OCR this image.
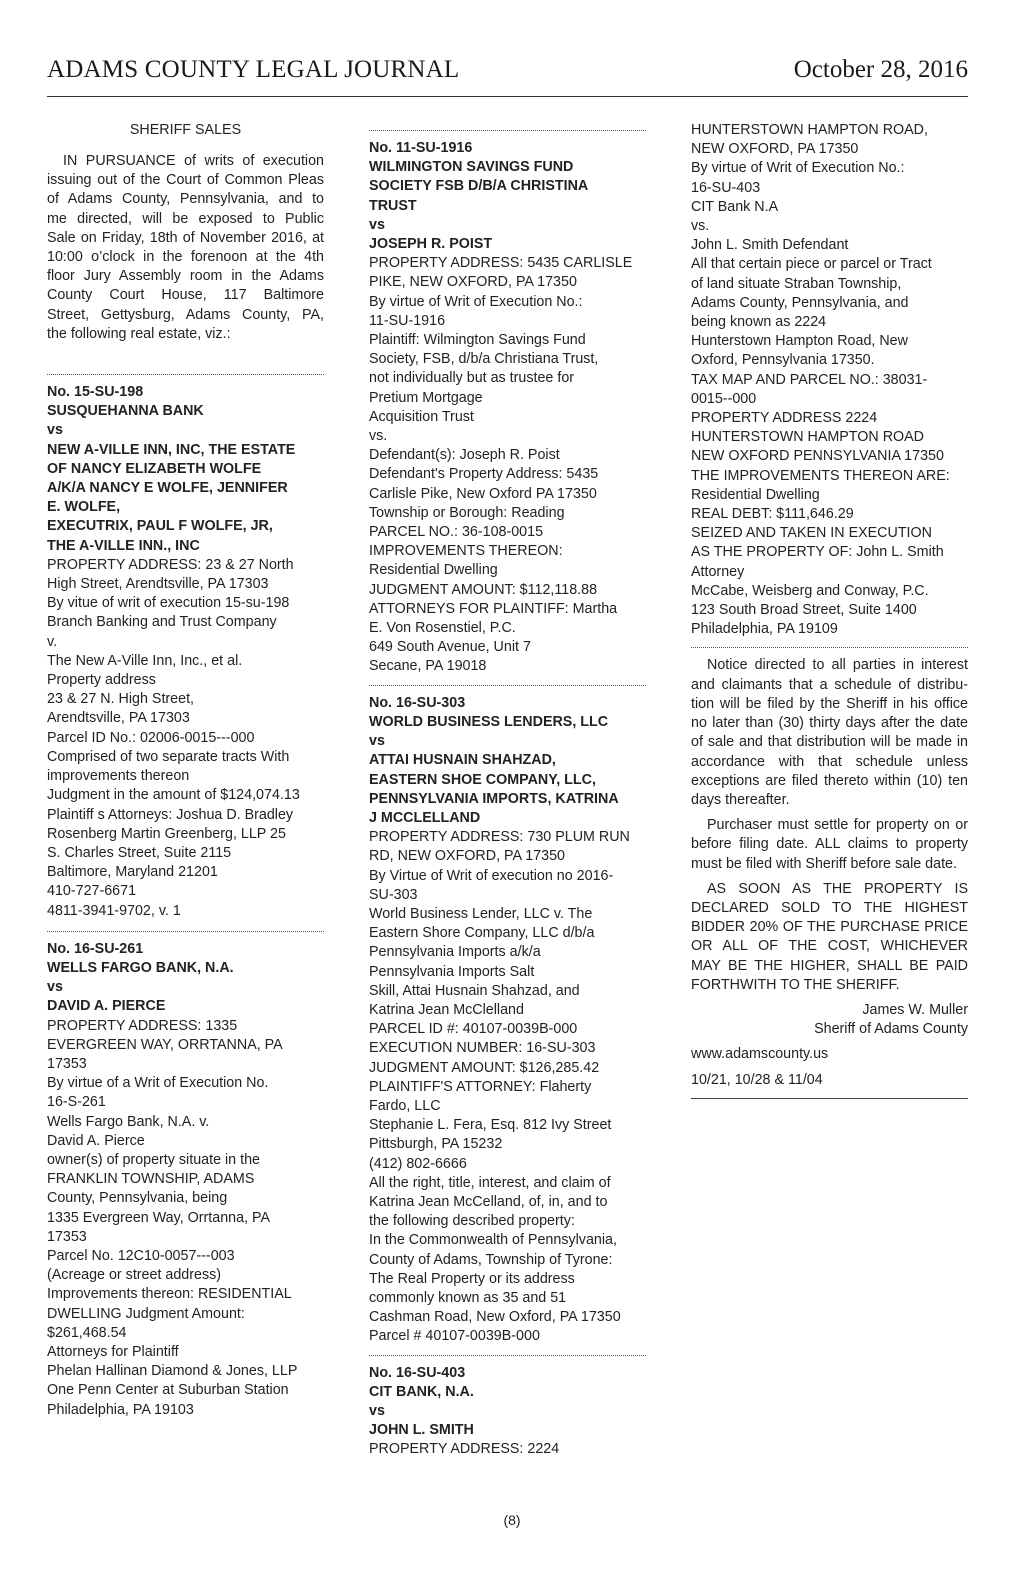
ADAMS COUNTY LEGAL JOURNAL	October 28, 2016
SHERIFF SALES
IN PURSUANCE of writs of execution
issuing out of the Court of Common Pleas
of Adams County, Pennsylvania, and to
me directed, will be exposed to Public
Sale on Friday, 18th of November 2016, at
10:00 o’clock in the forenoon at the 4th
floor Jury Assembly room in the Adams
County Court House, 117 Baltimore
Street, Gettysburg, Adams County, PA,
the following real estate, viz.:
No. 15-SU-198
SUSQUEHANNA BANK
vs
NEW A-VILLE INN, INC, THE ESTATE
OF NANCY ELIZABETH WOLFE
A/K/A NANCY E WOLFE, JENNIFER
E. WOLFE,
EXECUTRIX, PAUL F WOLFE, JR,
THE A-VILLE INN., INC
PROPERTY ADDRESS: 23 & 27 North
High Street, Arendtsville, PA 17303
By vitue of writ of execution 15-su-198
Branch Banking and Trust Company
v.
The New A-Ville Inn, Inc., et al.
Property address
23 & 27 N. High Street,
Arendtsville, PA 17303
Parcel ID No.: 02006-0015---000
Comprised of two separate tracts With
improvements thereon
Judgment in the amount of $124,074.13
Plaintiff s Attorneys: Joshua D. Bradley
Rosenberg Martin Greenberg, LLP 25
S. Charles Street, Suite 2115
Baltimore, Maryland 21201
410-727-6671
4811-3941-9702, v. 1
No. 16-SU-261
WELLS FARGO BANK, N.A.
vs
DAVID A. PIERCE
PROPERTY ADDRESS: 1335
EVERGREEN WAY, ORRTANNA, PA
17353
By virtue of a Writ of Execution No.
16-S-261
Wells Fargo Bank, N.A. v.
David A. Pierce
owner(s) of property situate in the
FRANKLIN TOWNSHIP, ADAMS
County, Pennsylvania, being
1335 Evergreen Way, Orrtanna, PA
17353
Parcel No. 12C10-0057---003
(Acreage or street address)
Improvements thereon: RESIDENTIAL
DWELLING Judgment Amount:
$261,468.54
Attorneys for Plaintiff
Phelan Hallinan Diamond & Jones, LLP
One Penn Center at Suburban Station
Philadelphia, PA 19103
No. 11-SU-1916
WILMINGTON SAVINGS FUND
SOCIETY FSB D/B/A CHRISTINA
TRUST
vs
JOSEPH R. POIST
PROPERTY ADDRESS: 5435 CARLISLE
PIKE, NEW OXFORD, PA 17350
By virtue of Writ of Execution No.:
11-SU-1916
Plaintiff: Wilmington Savings Fund
Society, FSB, d/b/a Christiana Trust,
not individually but as trustee for
Pretium Mortgage
Acquisition Trust
vs.
Defendant(s): Joseph R. Poist
Defendant's Property Address: 5435
Carlisle Pike, New Oxford PA 17350
Township or Borough: Reading
PARCEL NO.: 36-108-0015
IMPROVEMENTS THEREON:
Residential Dwelling
JUDGMENT AMOUNT: $112,118.88
ATTORNEYS FOR PLAINTIFF: Martha
E. Von Rosenstiel, P.C.
649 South Avenue, Unit 7
Secane, PA 19018
No. 16-SU-303
WORLD BUSINESS LENDERS, LLC
vs
ATTAI HUSNAIN SHAHZAD,
EASTERN SHOE COMPANY, LLC,
PENNSYLVANIA IMPORTS, KATRINA
J MCCLELLAND
PROPERTY ADDRESS: 730 PLUM RUN
RD, NEW OXFORD, PA 17350
By Virtue of Writ of execution no 2016-
SU-303
World Business Lender, LLC v. The
Eastern Shore Company, LLC d/b/a
Pennsylvania Imports a/k/a
Pennsylvania Imports Salt
Skill, Attai Husnain Shahzad, and
Katrina Jean McClelland
PARCEL ID #: 40107-0039B-000
EXECUTION NUMBER: 16-SU-303
JUDGMENT AMOUNT: $126,285.42
PLAINTIFF'S ATTORNEY: Flaherty
Fardo, LLC
Stephanie L. Fera, Esq. 812 Ivy Street
Pittsburgh, PA 15232
(412) 802-6666
All the right, title, interest, and claim of
Katrina Jean McCelland, of, in, and to
the following described property:
In the Commonwealth of Pennsylvania,
County of Adams, Township of Tyrone:
The Real Property or its address
commonly known as 35 and 51
Cashman Road, New Oxford, PA 17350
Parcel # 40107-0039B-000
No. 16-SU-403
CIT BANK, N.A.
vs
JOHN L. SMITH
PROPERTY ADDRESS: 2224
HUNTERSTOWN HAMPTON ROAD,
NEW OXFORD, PA 17350
By virtue of Writ of Execution No.:
16-SU-403
CIT Bank N.A
vs.
John L. Smith Defendant
All that certain piece or parcel or Tract
of land situate Straban Township,
Adams County, Pennsylvania, and
being known as 2224
Hunterstown Hampton Road, New
Oxford, Pennsylvania 17350.
TAX MAP AND PARCEL NO.: 38031-
0015--000
PROPERTY ADDRESS 2224
HUNTERSTOWN HAMPTON ROAD
NEW OXFORD PENNSYLVANIA 17350
THE IMPROVEMENTS THEREON ARE:
Residential Dwelling
REAL DEBT: $111,646.29
SEIZED AND TAKEN IN EXECUTION
AS THE PROPERTY OF: John L. Smith
Attorney
McCabe, Weisberg and Conway, P.C.
123 South Broad Street, Suite 1400
Philadelphia, PA 19109
Notice directed to all parties in interest
and claimants that a schedule of distribu-
tion will be filed by the Sheriff in his office
no later than (30) thirty days after the date
of sale and that distribution will be made in
accordance with that schedule unless
exceptions are filed thereto within (10) ten
days thereafter.
Purchaser must settle for property on or
before filing date. ALL claims to property
must be filed with Sheriff before sale date.
AS SOON AS THE PROPERTY IS
DECLARED SOLD TO THE HIGHEST
BIDDER 20% OF THE PURCHASE PRICE
OR ALL OF THE COST, WHICHEVER
MAY BE THE HIGHER, SHALL BE PAID
FORTHWITH TO THE SHERIFF.
James W. Muller
Sheriff of Adams County
www.adamscounty.us
10/21, 10/28 & 11/04
(8)
